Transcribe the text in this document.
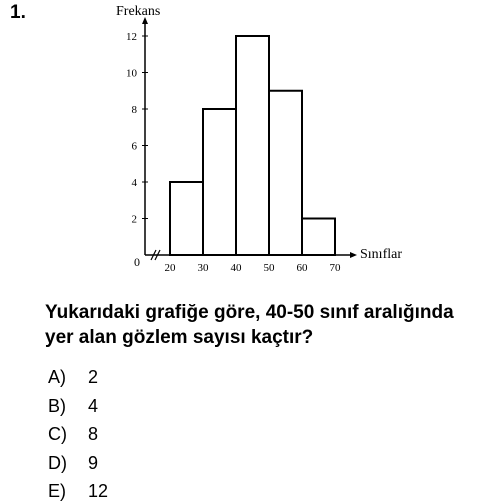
1.
2
4
6
8
10
12
20 30 40 50 60 70
Frekans
Sınıflar
0
Yukarıdaki grafiğe göre, 40-50 sınıf aralığında
yer alan gözlem sayısı kaçtır?
A) 2
B) 4
C) 8
D) 9
E) 12
